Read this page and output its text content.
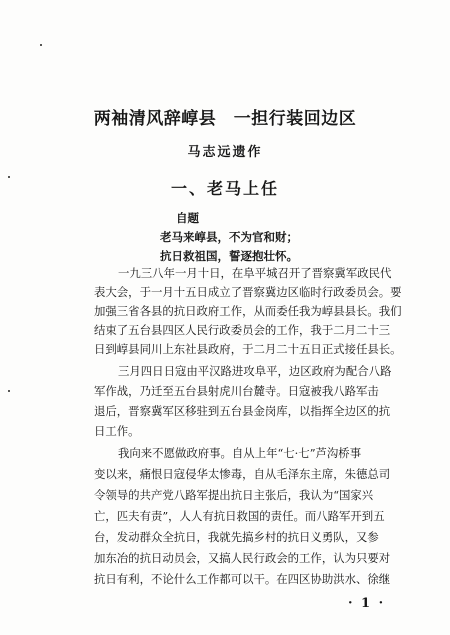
两袖清风辞崞县　一担行装回边区
马志远遗作
一、老马上任
自题
老马来崞县，不为官和财；
抗日救祖国，誓逐抱壮怀。
一九三八年一月十日，在阜平城召开了晋察冀军政民代
表大会，于一月十五日成立了晋察冀边区临时行政委员会。要
加强三省各县的抗日政府工作，从而委任我为崞县县长。我们
结束了五台县四区人民行政委员会的工作，我于二月二十三
日到崞县同川上东社县政府，于二月二十五日正式接任县长。
三月四日日寇由平汉路进攻阜平，边区政府为配合八路
军作战，乃迁至五台县射虎川台麓寺。日寇被我八路军击
退后，晋察冀军区移驻到五台县金岗库，以指挥全边区的抗
日工作。
我向来不愿做政府事。自从上年“七·七”芦沟桥事
变以来，痛恨日寇侵华太惨毒，自从毛泽东主席，朱德总司
令领导的共产党八路军提出抗日主张后，我认为“国家兴
亡，匹夫有责”，人人有抗日救国的责任。而八路军开到五
台，发动群众全抗日，我就先搞乡村的抗日义勇队，又参
加东冶的抗日动员会，又搞人民行政会的工作，认为只要对
抗日有利，不论什么工作都可以干。在四区协助洪水、徐继
· 1 ·
